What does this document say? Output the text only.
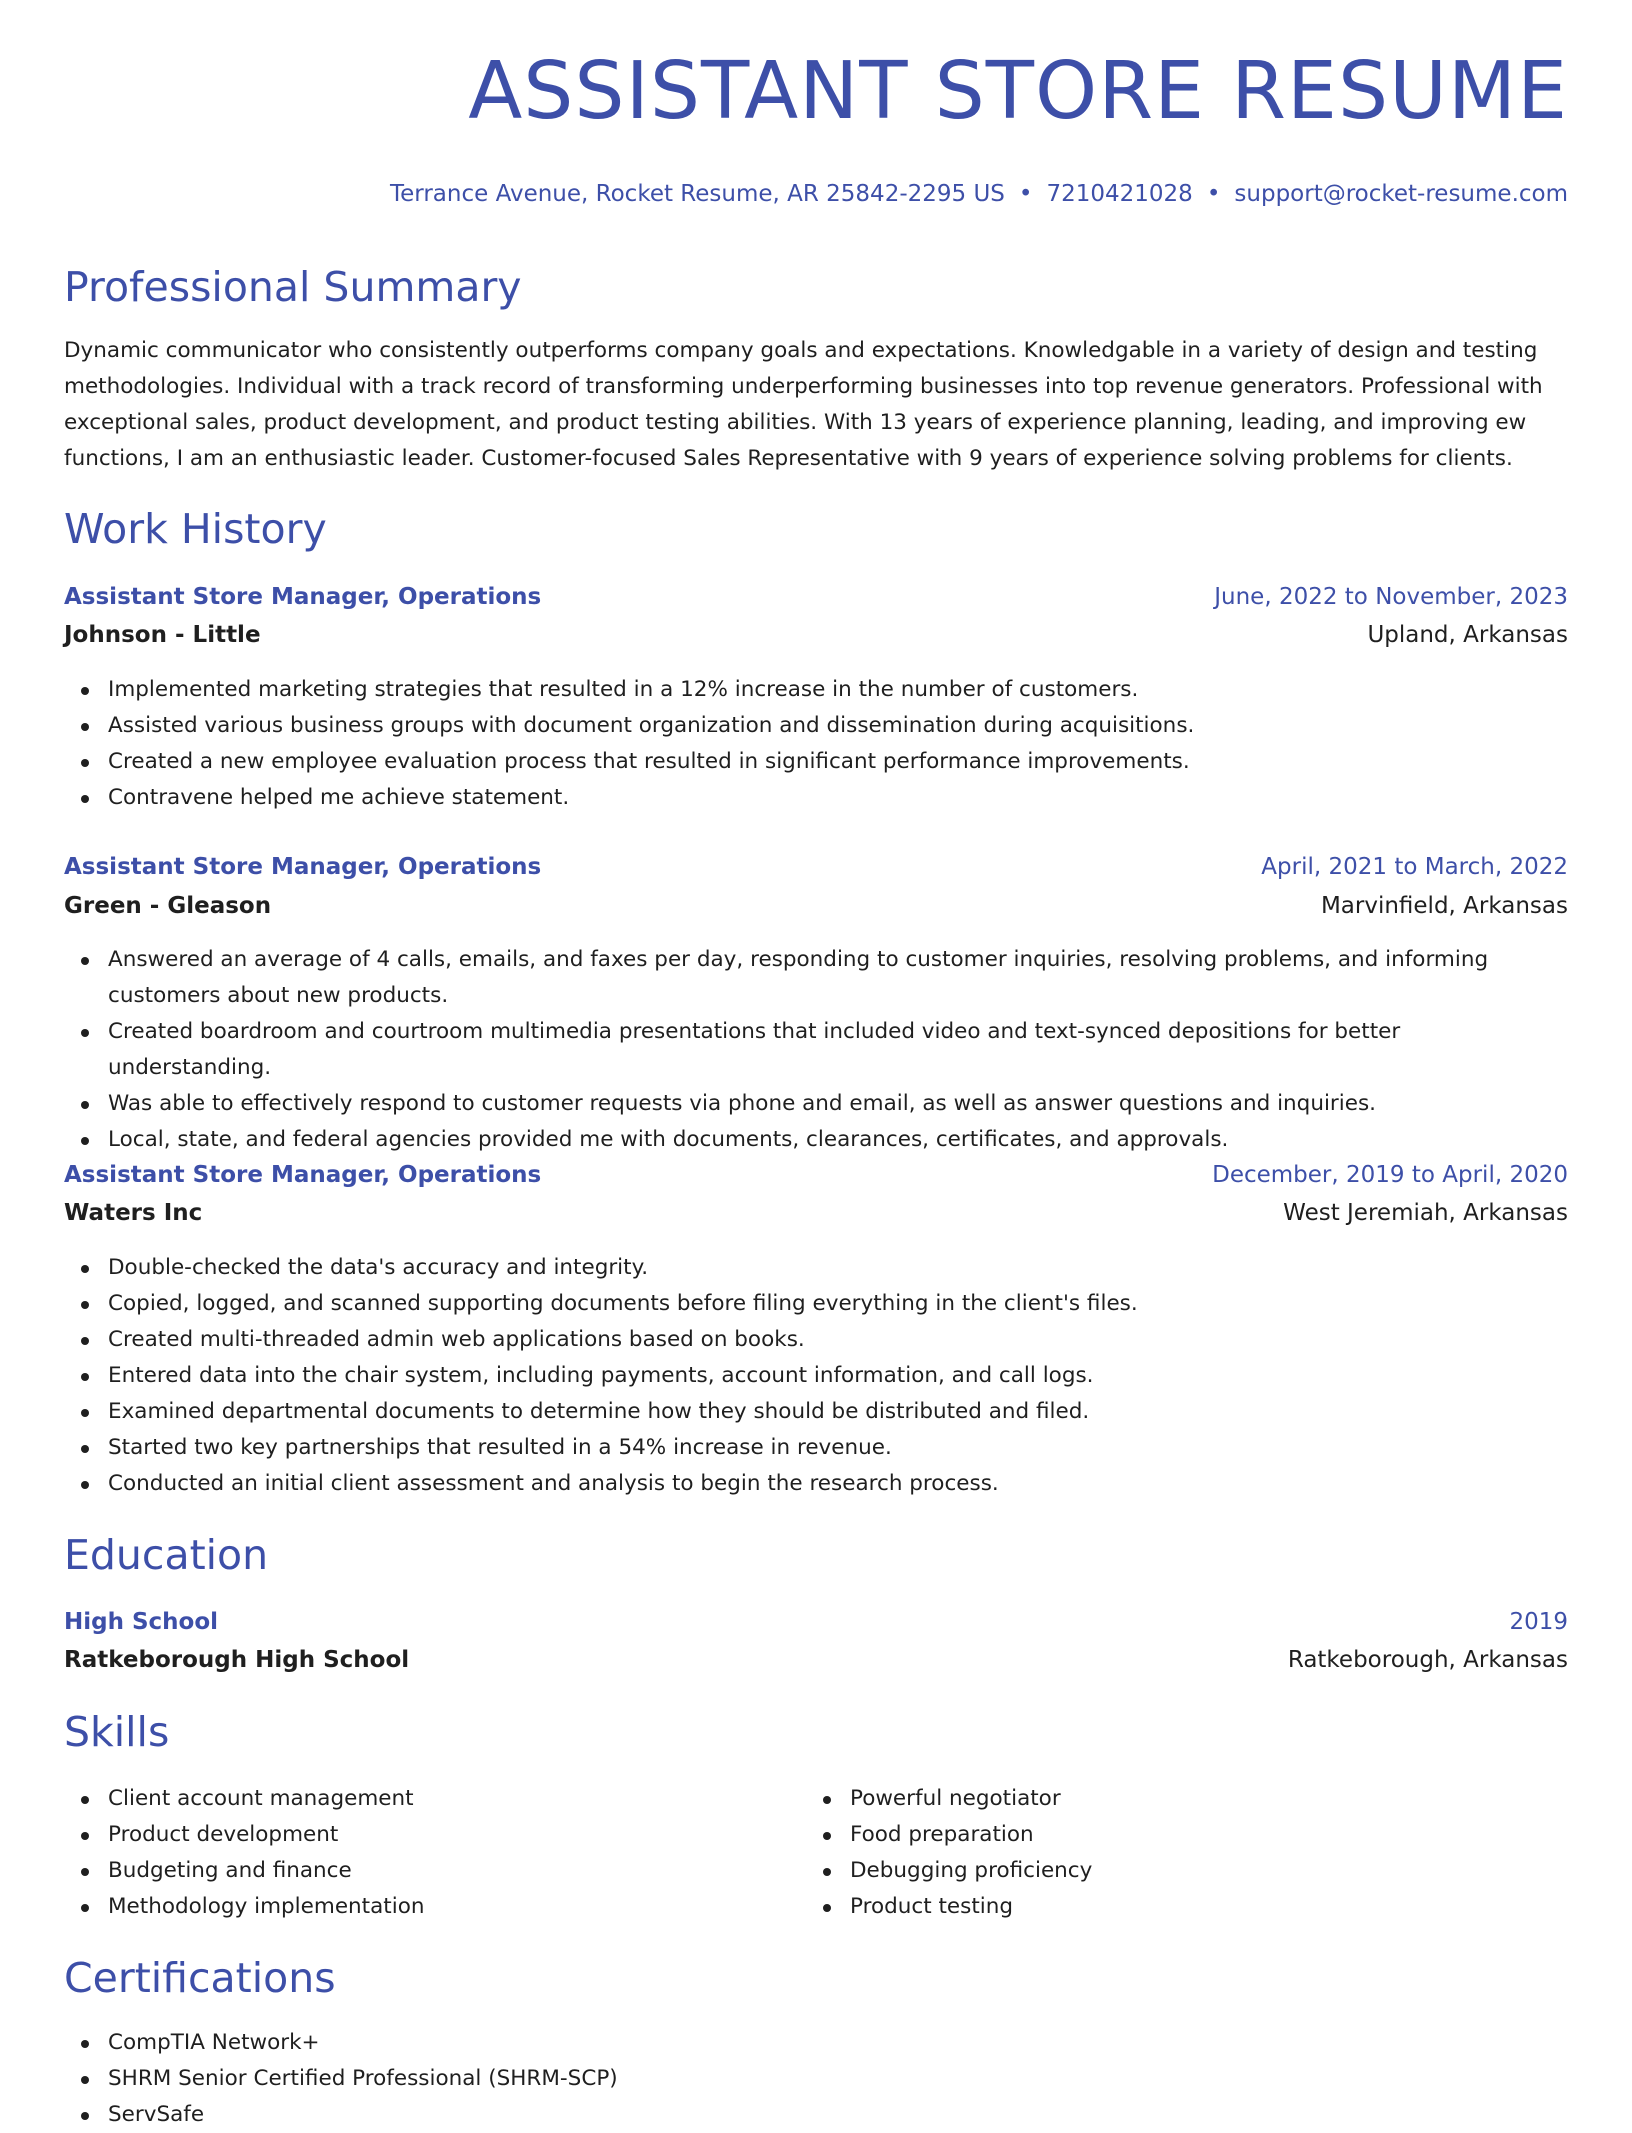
ASSISTANT STORE RESUME
Terrance Avenue, Rocket Resume, AR 25842-2295 US • 7210421028 • support@rocket-resume.com
Professional Summary

Dynamic communicator who consistently outperforms company goals and expectations. Knowledgable in a variety of design and testing methodologies. Individual with a track record of transforming underperforming businesses into top revenue generators. Professional with exceptional sales, product development, and product testing abilities. With 13 years of experience planning, leading, and improving ew functions, I am an enthusiastic leader. Customer-focused Sales Representative with 9 years of experience solving problems for clients.

Work History
Assistant Store Manager, Operations	June, 2022 to November, 2023
Johnson - Little	Upland, Arkansas
Implemented marketing strategies that resulted in a 12% increase in the number of customers.
Assisted various business groups with document organization and dissemination during acquisitions.
Created a new employee evaluation process that resulted in significant performance improvements.
Contravene helped me achieve statement.
Assistant Store Manager, Operations	April, 2021 to March, 2022
Green - Gleason	Marvinfield, Arkansas
Answered an average of 4 calls, emails, and faxes per day, responding to customer inquiries, resolving problems, and informing customers about new products.
Created boardroom and courtroom multimedia presentations that included video and text-synced depositions for better understanding.
Was able to effectively respond to customer requests via phone and email, as well as answer questions and inquiries.
Local, state, and federal agencies provided me with documents, clearances, certificates, and approvals.
Assistant Store Manager, Operations	December, 2019 to April, 2020
Waters Inc	West Jeremiah, Arkansas
Double-checked the data's accuracy and integrity.
Copied, logged, and scanned supporting documents before filing everything in the client's files.
Created multi-threaded admin web applications based on books.
Entered data into the chair system, including payments, account information, and call logs.
Examined departmental documents to determine how they should be distributed and filed.
Started two key partnerships that resulted in a 54% increase in revenue.
Conducted an initial client assessment and analysis to begin the research process.
Education
High School	2019
Ratkeborough High School	Ratkeborough, Arkansas
Skills
Client account management
Product development
Budgeting and finance
Methodology implementation
Powerful negotiator
Food preparation
Debugging proficiency
Product testing
Certifications
CompTIA Network+
SHRM Senior Certified Professional (SHRM-SCP)
ServSafe
